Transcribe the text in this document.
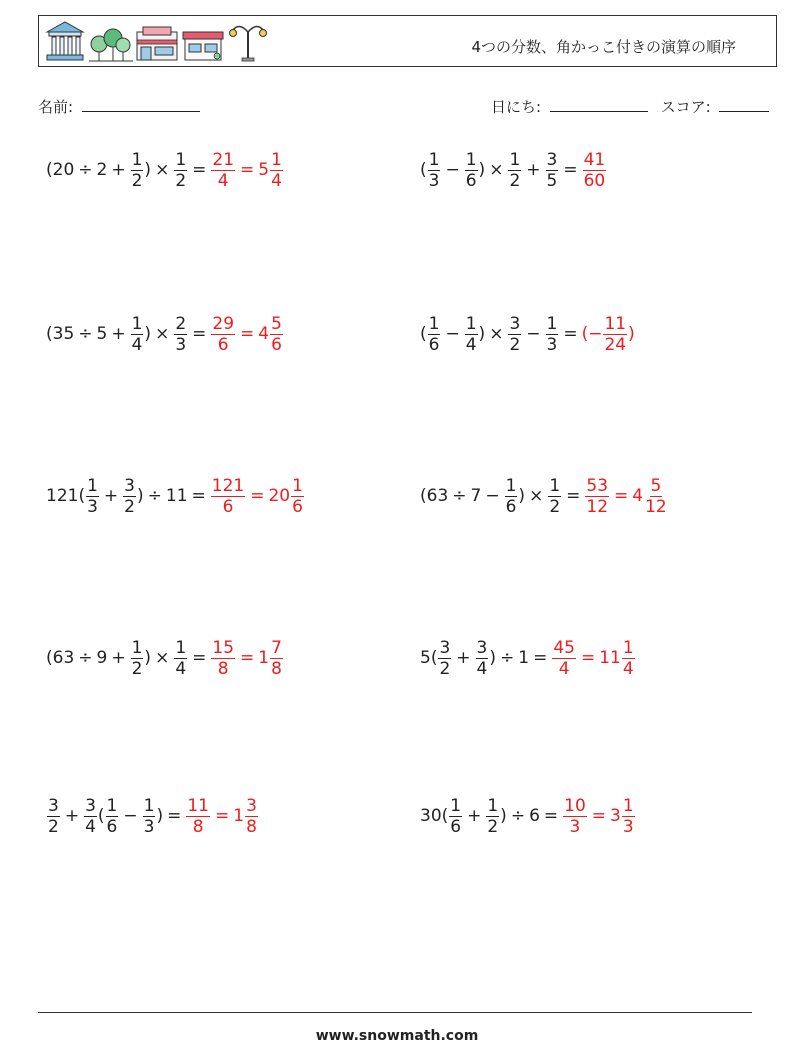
4つの分数、角かっこ付きの演算の順序
名前:	日にち:	スコア:
($20 \div 2 + \frac{1}{2}$ ) × $\frac{1}{2} = \frac{21}{4} = 5 \frac{1}{4}$	( $\frac{1}{3} - \frac{1}{6}$ ) × $\frac{1}{2} + \frac{3}{5} = \frac{41}{60}$
($35 \div 5 + \frac{1}{4}$ ) × $\frac{2}{3} = \frac{29}{6} = 4 \frac{5}{6}$	( $\frac{1}{6} - \frac{1}{4}$ ) × $\frac{3}{2} - \frac{1}{3}$ = (− $\frac{11}{24}$ )
$121( \frac{1}{3} + \frac{3}{2}$ ) ÷ $11 = \frac{121}{6} = 20 \frac{1}{6}$	($63 \div 7 - \frac{1}{6}$ ) × $\frac{1}{2} = \frac{53}{12} = 4 \frac{5}{12}$
($63 \div 9 + \frac{1}{2}$ ) × $\frac{1}{4} = \frac{15}{8} = 1 \frac{7}{8}$	$5( \frac{3}{2} + \frac{3}{4}$ ) ÷ $1 = \frac{45}{4} = 11 \frac{1}{4}$
$\frac{3}{2} + \frac{3}{4}$ ( $\frac{1}{6} - \frac{1}{3}$ ) = $\frac{11}{8} = 1 \frac{3}{8}$	$30( \frac{1}{6} + \frac{1}{2}$ ) ÷ $6 = \frac{10}{3} = 3 \frac{1}{3}$
www.snowmath.com
